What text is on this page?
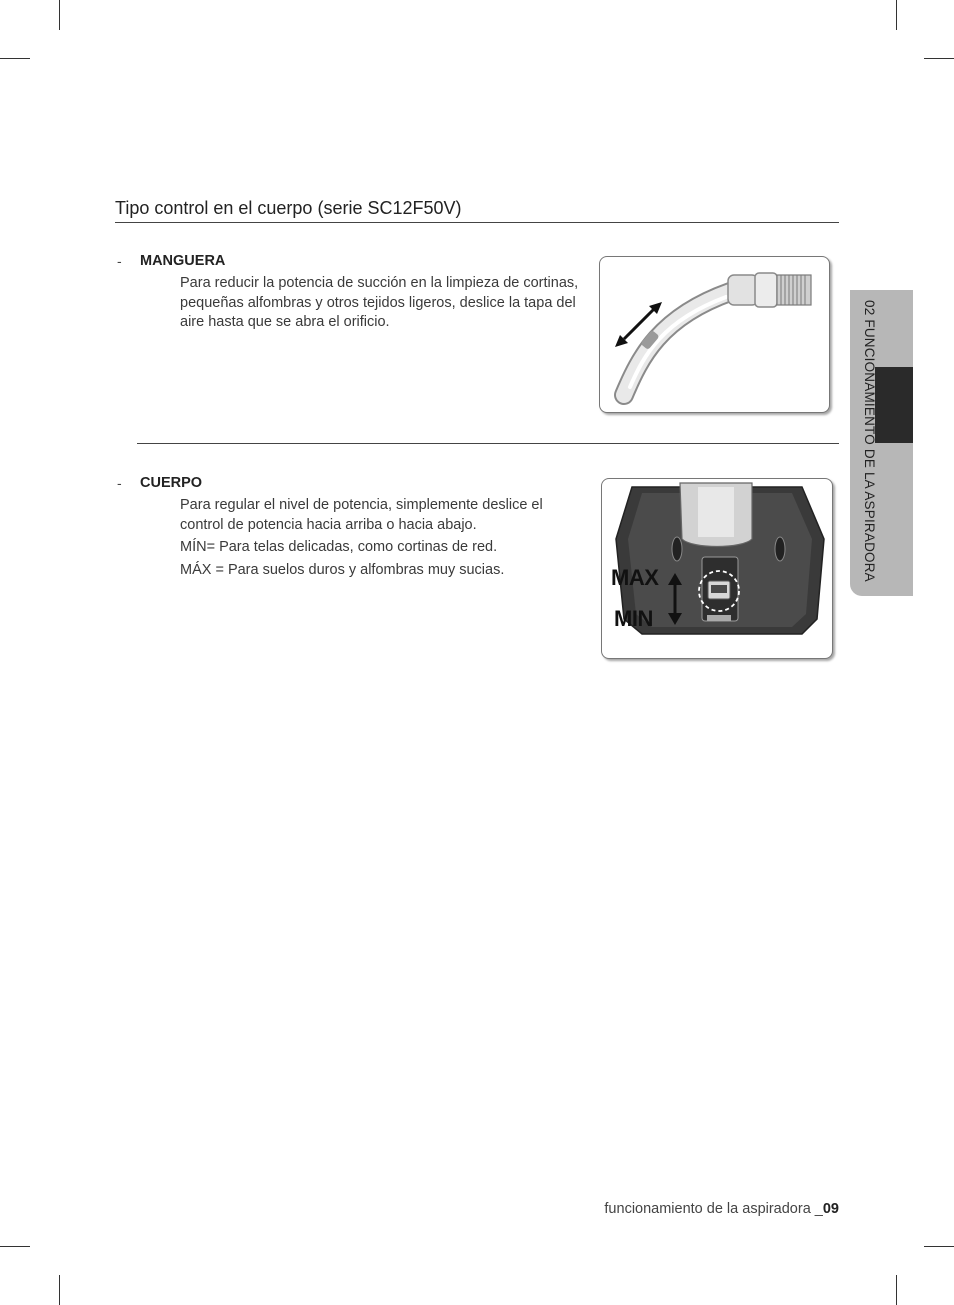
Tipo control en el cuerpo (serie SC12F50V)
- MANGUERA

Para reducir la potencia de succión en la limpieza de cortinas, pequeñas alfombras y otros tejidos ligeros, deslice la tapa del aire hasta que se abra el orificio.

- CUERPO

Para regular el nivel de potencia, simplemente deslice el control de potencia hacia arriba o hacia abajo.

MÍN= Para telas delicadas, como cortinas de red.

MÁX = Para suelos duros y alfombras muy sucias.	MAX
MIN
02 FUNCIONAMIENTO DE LA ASPIRADORA
funcionamiento de la aspiradora _09
